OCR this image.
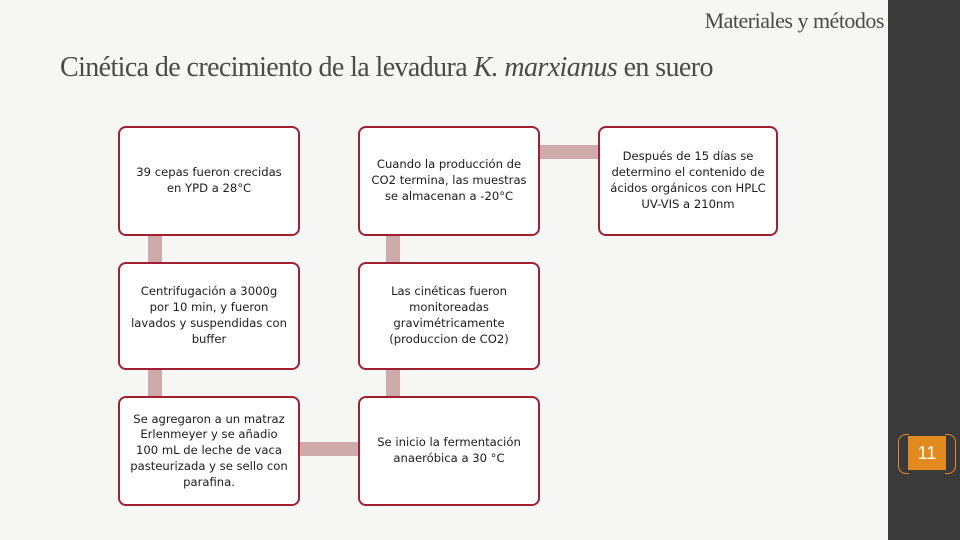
Materiales y métodos
Cinética de crecimiento de la levadura K. marxianus en suero
39 cepas fueron crecidas en YPD a 28°C
Centrifugación a 3000g por 10 min, y fueron lavados y suspendidas con buffer
Se agregaron a un matraz Erlenmeyer y se añadio 100 mL de leche de vaca pasteurizada y se sello con parafina.
Se inicio la fermentación anaeróbica a 30 °C
Las cinéticas fueron monitoreadas gravimétricamente (produccion de CO2)
Cuando la producción de CO2 termina, las muestras se almacenan a -20°C
Después de 15 días se determino el contenido de ácidos orgánicos con HPLC UV-VIS a 210nm
11
